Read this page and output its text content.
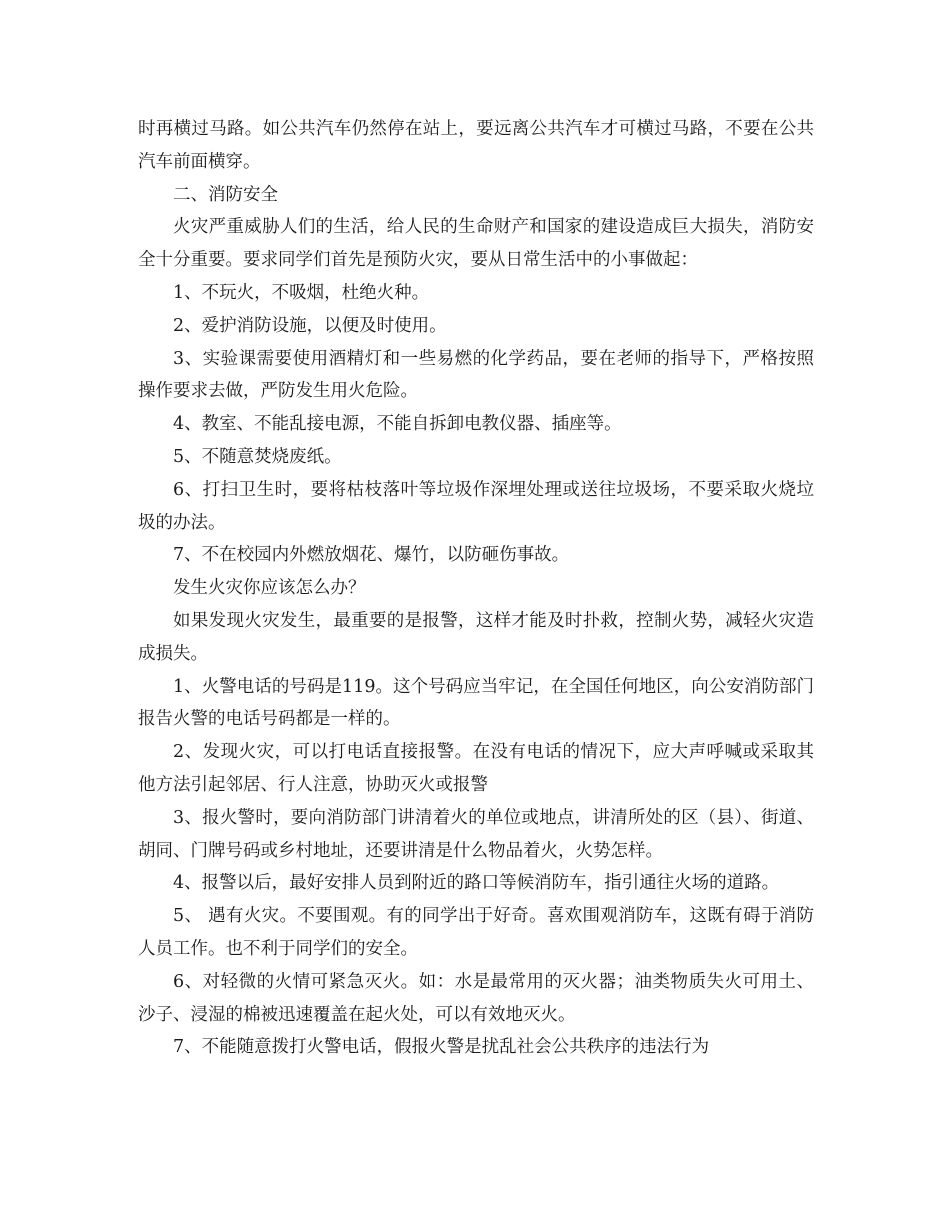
时再横过马路。如公共汽车仍然停在站上，要远离公共汽车才可横过马路，不要在公共汽车前面横穿。

二、消防安全

火灾严重威胁人们的生活，给人民的生命财产和国家的建设造成巨大损失，消防安全十分重要。要求同学们首先是预防火灾，要从日常生活中的小事做起：

1、不玩火，不吸烟，杜绝火种。

2、爱护消防设施，以便及时使用。

3、实验课需要使用酒精灯和一些易燃的化学药品，要在老师的指导下，严格按照操作要求去做，严防发生用火危险。

4、教室、不能乱接电源，不能自拆卸电教仪器、插座等。

5、不随意焚烧废纸。

6、打扫卫生时，要将枯枝落叶等垃圾作深埋处理或送往垃圾场，不要采取火烧垃圾的办法。

7、不在校园内外燃放烟花、爆竹，以防砸伤事故。

发生火灾你应该怎么办？

如果发现火灾发生，最重要的是报警，这样才能及时扑救，控制火势，减轻火灾造成损失。

1、火警电话的号码是119。这个号码应当牢记，在全国任何地区，向公安消防部门报告火警的电话号码都是一样的。

2、发现火灾，可以打电话直接报警。在没有电话的情况下，应大声呼喊或采取其他方法引起邻居、行人注意，协助灭火或报警

3、报火警时，要向消防部门讲清着火的单位或地点，讲清所处的区（县）、街道、胡同、门牌号码或乡村地址，还要讲清是什么物品着火，火势怎样。

4、报警以后，最好安排人员到附近的路口等候消防车，指引通往火场的道路。

5、 遇有火灾。不要围观。有的同学出于好奇。喜欢围观消防车，这既有碍于消防人员工作。也不利于同学们的安全。

6、对轻微的火情可紧急灭火。如：水是最常用的灭火器；油类物质失火可用土、沙子、浸湿的棉被迅速覆盖在起火处，可以有效地灭火。

7、不能随意拨打火警电话，假报火警是扰乱社会公共秩序的违法行为
